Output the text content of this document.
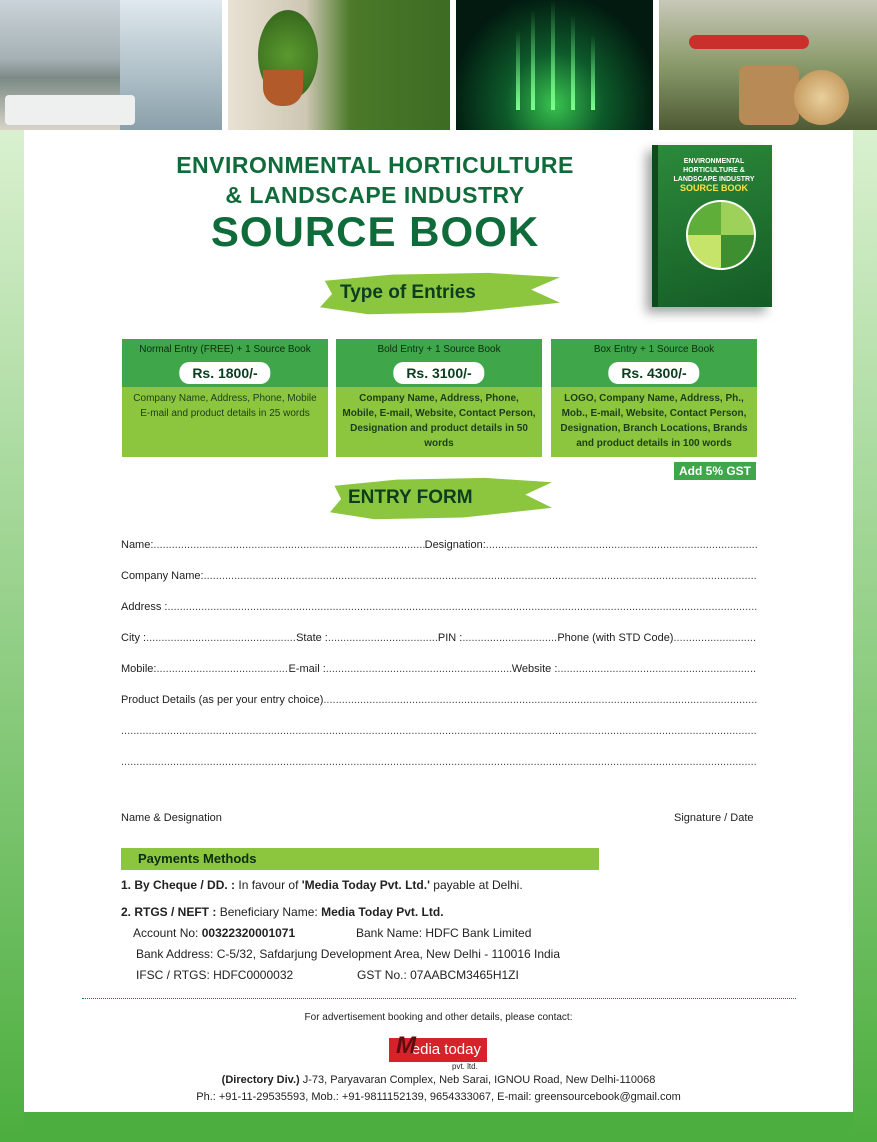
ENVIRONMENTAL HORTICULTURE
& LANDSCAPE INDUSTRY
SOURCE BOOK
ENVIRONMENTAL HORTICULTURE &
LANDSCAPE INDUSTRY
SOURCE BOOK
Type of Entries
Normal Entry (FREE) + 1 Source Book
Rs. 1800/-
Company Name, Address, Phone, Mobile E-mail and product details in 25 words
Bold Entry + 1 Source Book
Rs. 3100/-
Company Name, Address, Phone, Mobile, E-mail, Website, Contact Person, Designation and product details in 50 words
Box Entry + 1 Source Book
Rs. 4300/-
LOGO, Company Name, Address, Ph., Mob., E-mail, Website, Contact Person, Designation, Branch Locations, Brands and product details in 100 words
Add 5% GST
ENTRY FORM
Name: .....	Designation:
.....
Company Name:
.....
Address :
.....
City : .....	State : .....	PIN : .....	Phone (with STD Code)
.....
Mobile: .....	E-mail : .....	Website :
.....
Product Details (as per your entry choice)
.....
.....
.....
Name & Designation	Signature / Date
Payments Methods
1. By Cheque / DD. : In favour of 'Media Today Pvt. Ltd.' payable at Delhi.
2. RTGS / NEFT : Beneficiary Name: Media Today Pvt. Ltd.
Account No: 00322320001071	Bank Name: HDFC Bank Limited
Bank Address: C-5/32, Safdarjung Development Area, New Delhi - 110016 India
IFSC / RTGS: HDFC0000032	GST No.: 07AABCM3465H1ZI
For advertisement booking and other details, please contact:
edia today
M
pvt. ltd.
(Directory Div.) J-73, Paryavaran Complex, Neb Sarai, IGNOU Road, New Delhi-110068
Ph.: +91-11-29535593, Mob.: +91-9811152139, 9654333067, E-mail: greensourcebook@gmail.com
